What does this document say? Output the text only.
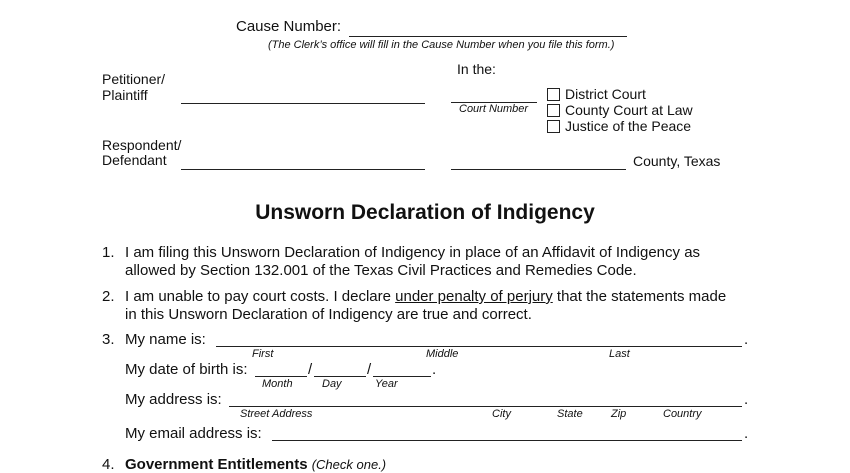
Cause Number:
(The Clerk’s office will fill in the Cause Number when you file this form.)
Petitioner/
Plaintiff
In the:
Court Number
District Court
County Court at Law
Justice of the Peace
Respondent/
Defendant	County, Texas
Unsworn Declaration of Indigency
1. I am filing this Unsworn Declaration of Indigency in place of an Affidavit of Indigency as
allowed by Section 132.001 of the Texas Civil Practices and Remedies Code.
2. I am unable to pay court costs. I declare under penalty of perjury that the statements made
in this Unsworn Declaration of Indigency are true and correct.
3. My name is:	.
First	Middle	Last
My date of birth is:	/	/	.
Month	Day	Year
My address is:	.
Street Address	City	State	Zip	Country
My email address is:	.
4. Government Entitlements (Check one.)
